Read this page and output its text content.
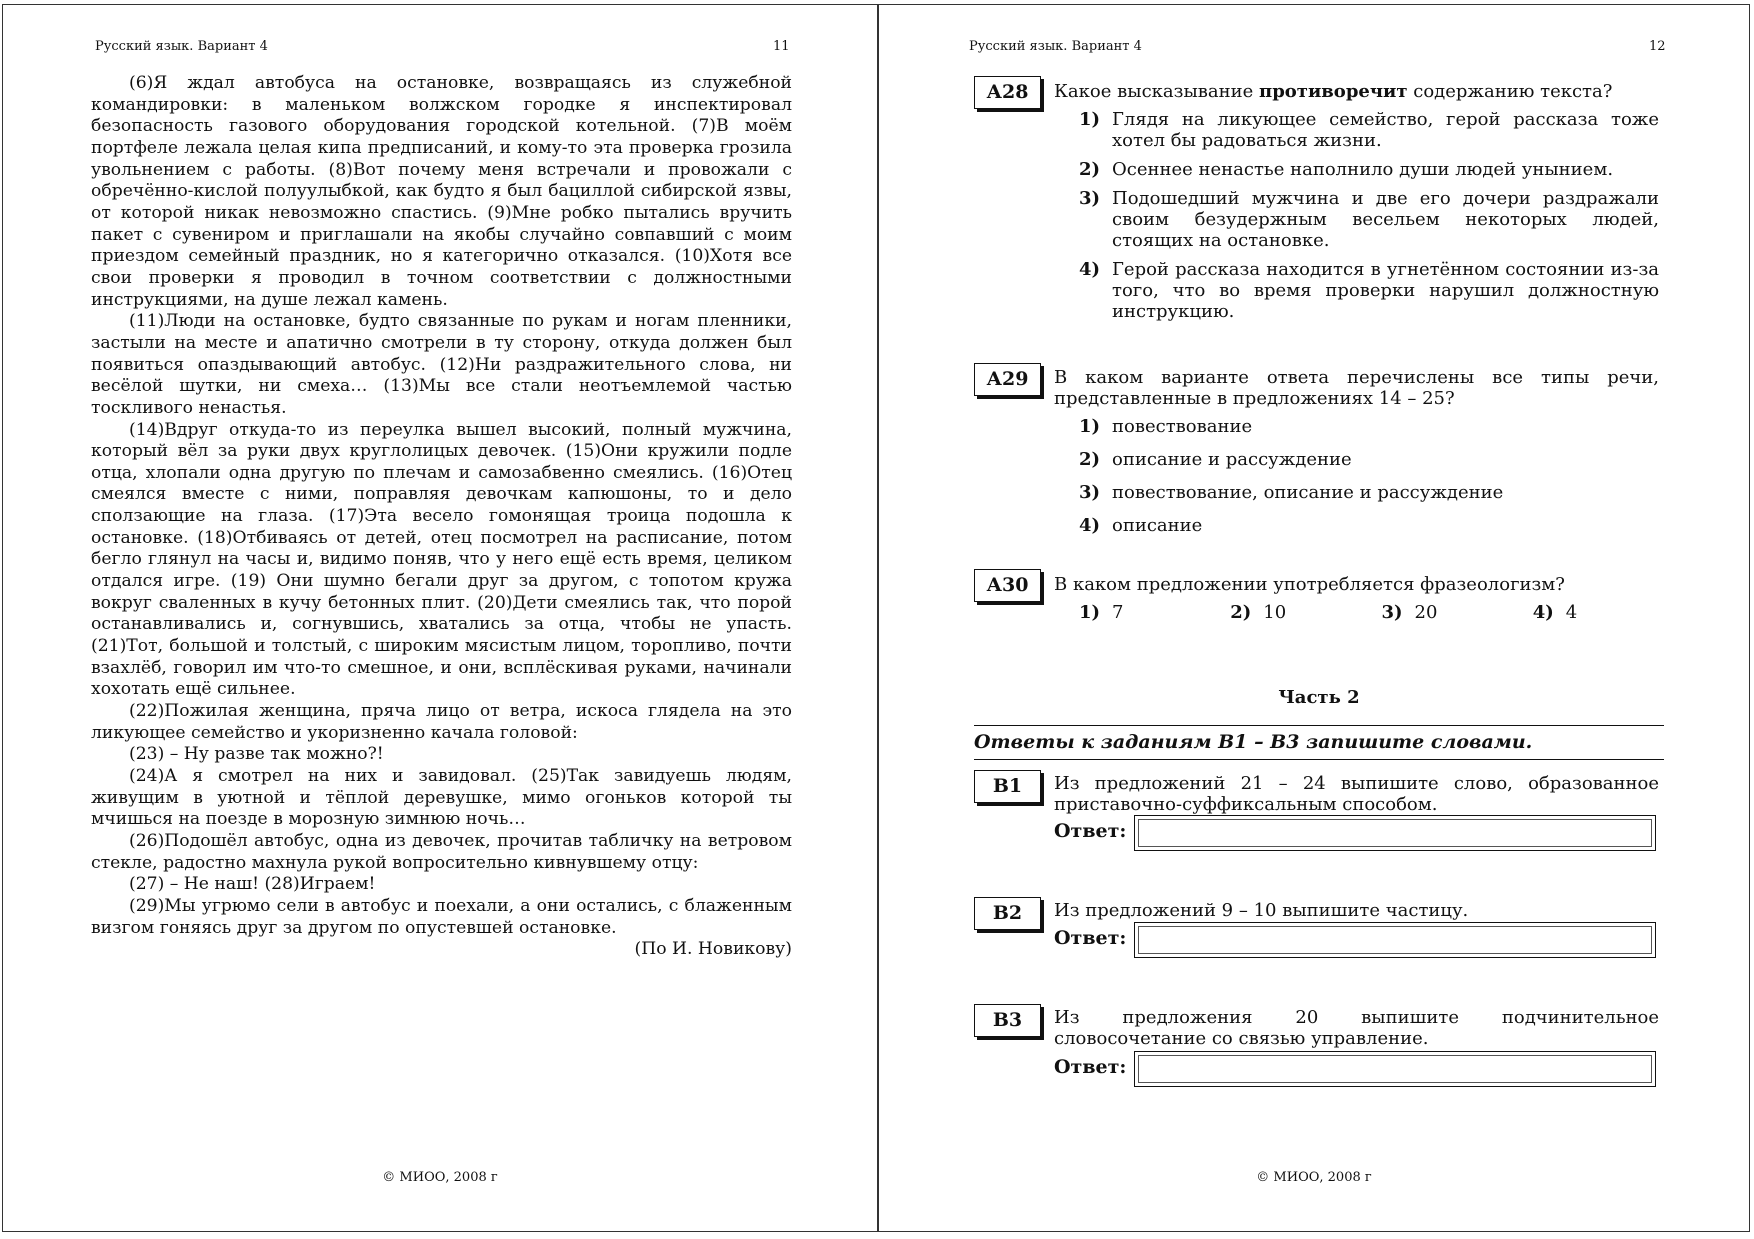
Русский язык. Вариант 4	11

(6)Я ждал автобуса на остановке, возвращаясь из служебной командировки: в маленьком волжском городке я инспектировал безопасность газового оборудования городской котельной. (7)В моём портфеле лежала целая кипа предписаний, и кому-то эта проверка грозила увольнением с работы. (8)Вот почему меня встречали и провожали с обречённо-кислой полуулыбкой, как будто я был бациллой сибирской язвы, от которой никак невозможно спастись. (9)Мне робко пытались вручить пакет с сувениром и приглашали на якобы случайно совпавший с моим приездом семейный праздник, но я категорично отказался. (10)Хотя все свои проверки я проводил в точном соответствии с должностными инструкциями, на душе лежал камень.

(11)Люди на остановке, будто связанные по рукам и ногам пленники, застыли на месте и апатично смотрели в ту сторону, откуда должен был появиться опаздывающий автобус. (12)Ни раздражительного слова, ни весёлой шутки, ни смеха… (13)Мы все стали неотъемлемой частью тоскливого ненастья.

(14)Вдруг откуда-то из переулка вышел высокий, полный мужчина, который вёл за руки двух круглолицых девочек. (15)Они кружили подле отца, хлопали одна другую по плечам и самозабвенно смеялись. (16)Отец смеялся вместе с ними, поправляя девочкам капюшоны, то и дело сползающие на глаза. (17)Эта весело гомонящая троица подошла к остановке. (18)Отбиваясь от детей, отец посмотрел на расписание, потом бегло глянул на часы и, видимо поняв, что у него ещё есть время, целиком отдался игре. (19) Они шумно бегали друг за другом, с топотом кружа вокруг сваленных в кучу бетонных плит. (20)Дети смеялись так, что порой останавливались и, согнувшись, хватались за отца, чтобы не упасть. (21)Тот, большой и толстый, с широким мясистым лицом, торопливо, почти взахлёб, говорил им что-то смешное, и они, всплёскивая руками, начинали хохотать ещё сильнее.

(22)Пожилая женщина, пряча лицо от ветра, искоса глядела на это ликующее семейство и укоризненно качала головой:

(23) – Ну разве так можно?!

(24)А я смотрел на них и завидовал. (25)Так завидуешь людям, живущим в уютной и тёплой деревушке, мимо огоньков которой ты мчишься на поезде в морозную зимнюю ночь…

(26)Подошёл автобус, одна из девочек, прочитав табличку на ветровом стекле, радостно махнула рукой вопросительно кивнувшему отцу:

(27) – Не наш! (28)Играем!

(29)Мы угрюмо сели в автобус и поехали, а они остались, с блаженным визгом гоняясь друг за другом по опустевшей остановке.

(По И. Новикову)

© МИОО, 2008 г
Русский язык. Вариант 4	12
А28	Какое высказывание противоречит содержанию текста?
1) Глядя на ликующее семейство, герой рассказа тоже хотел бы радоваться жизни.
2) Осеннее ненастье наполнило души людей унынием.
3) Подошедший мужчина и две его дочери раздражали своим безудержным весельем некоторых людей, стоящих на остановке.
4) Герой рассказа находится в угнетённом состоянии из-за того, что во время проверки нарушил должностную инструкцию.
А29	В каком варианте ответа перечислены все типы речи, представленные в предложениях 14 – 25?
1) повествование
2) описание и рассуждение
3) повествование, описание и рассуждение
4) описание
А30	В каком предложении употребляется фразеологизм?
1) 7	2) 10	3) 20	4) 4
Часть 2
Ответы к заданиям В1 – В3 запишите словами.
В1	Из предложений 21 – 24 выпишите слово, образованное приставочно-суффиксальным способом.
Ответ:
В2	Из предложений 9 – 10 выпишите частицу.
Ответ:
В3	Из предложения 20 выпишите подчинительное словосочетание со связью управление.
Ответ:
© МИОО, 2008 г
